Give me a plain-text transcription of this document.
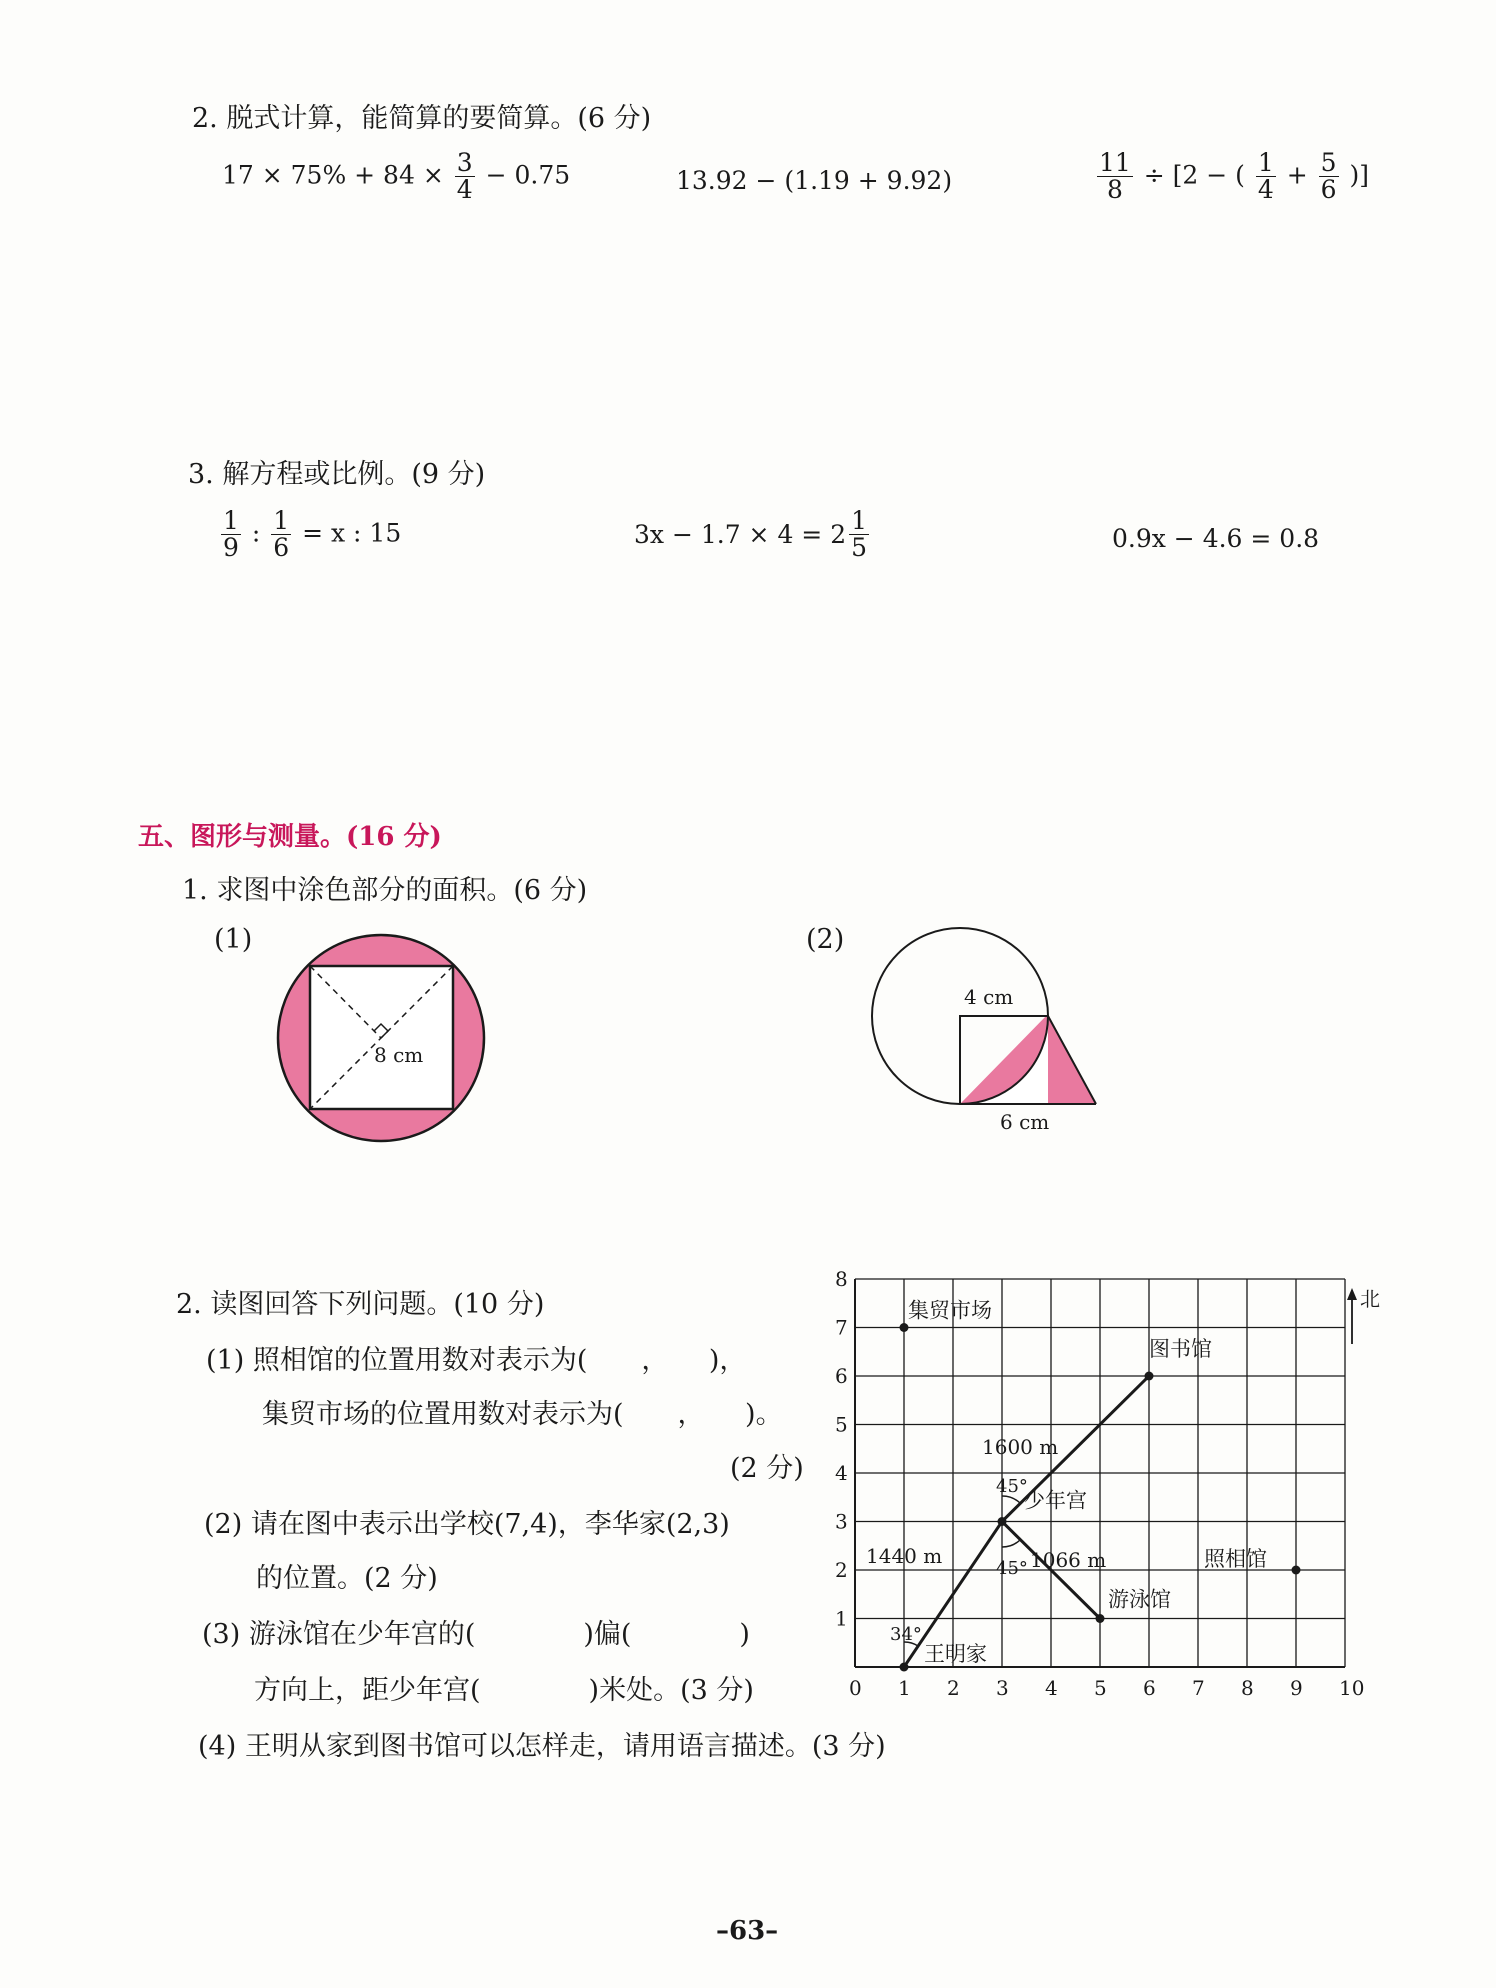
2. 脱式计算，能简算的要简算。(6 分)
$17 \times 75\% + 84 \times \frac{3}{4} - 0.75$	13.92 − (1.19 + 9.92)	$\frac{11}{8} \div [2$ − ( $\frac{1}{4} + \frac{5}{6}$ )]
3. 解方程或比例。(9 分)
$\frac{1}{9}$ : $\frac{1}{6} = x$ : 15	$3x - 1.7 \times 4 = 2 \frac{1}{5}$	0.9x − 4.6 = 0.8
五、图形与测量。(16 分)
1. 求图中涂色部分的面积。(6 分)
(1)	(2)
8 cm
4 cm
6 cm
2. 读图回答下列问题。(10 分)
(1) 照相馆的位置用数对表示为(　　，　　)，
集贸市场的位置用数对表示为(　　，　　)。
(2 分)
(2) 请在图中表示出学校(7,4)，李华家(2,3)
的位置。(2 分)
(3) 游泳馆在少年宫的(　　　　)偏(　　　　)
方向上，距少年宫(　　　　)米处。(3 分)
(4) 王明从家到图书馆可以怎样走，请用语言描述。(3 分)
0 1 2 3 4 5 6 7 8 9 10
1
2
3
4
5
6
7
8
集贸市场
图书馆
少年宫
照相馆
游泳馆
王明家
1600 m
1440 m	1066 m
45°
45°
34°
北
–63–
